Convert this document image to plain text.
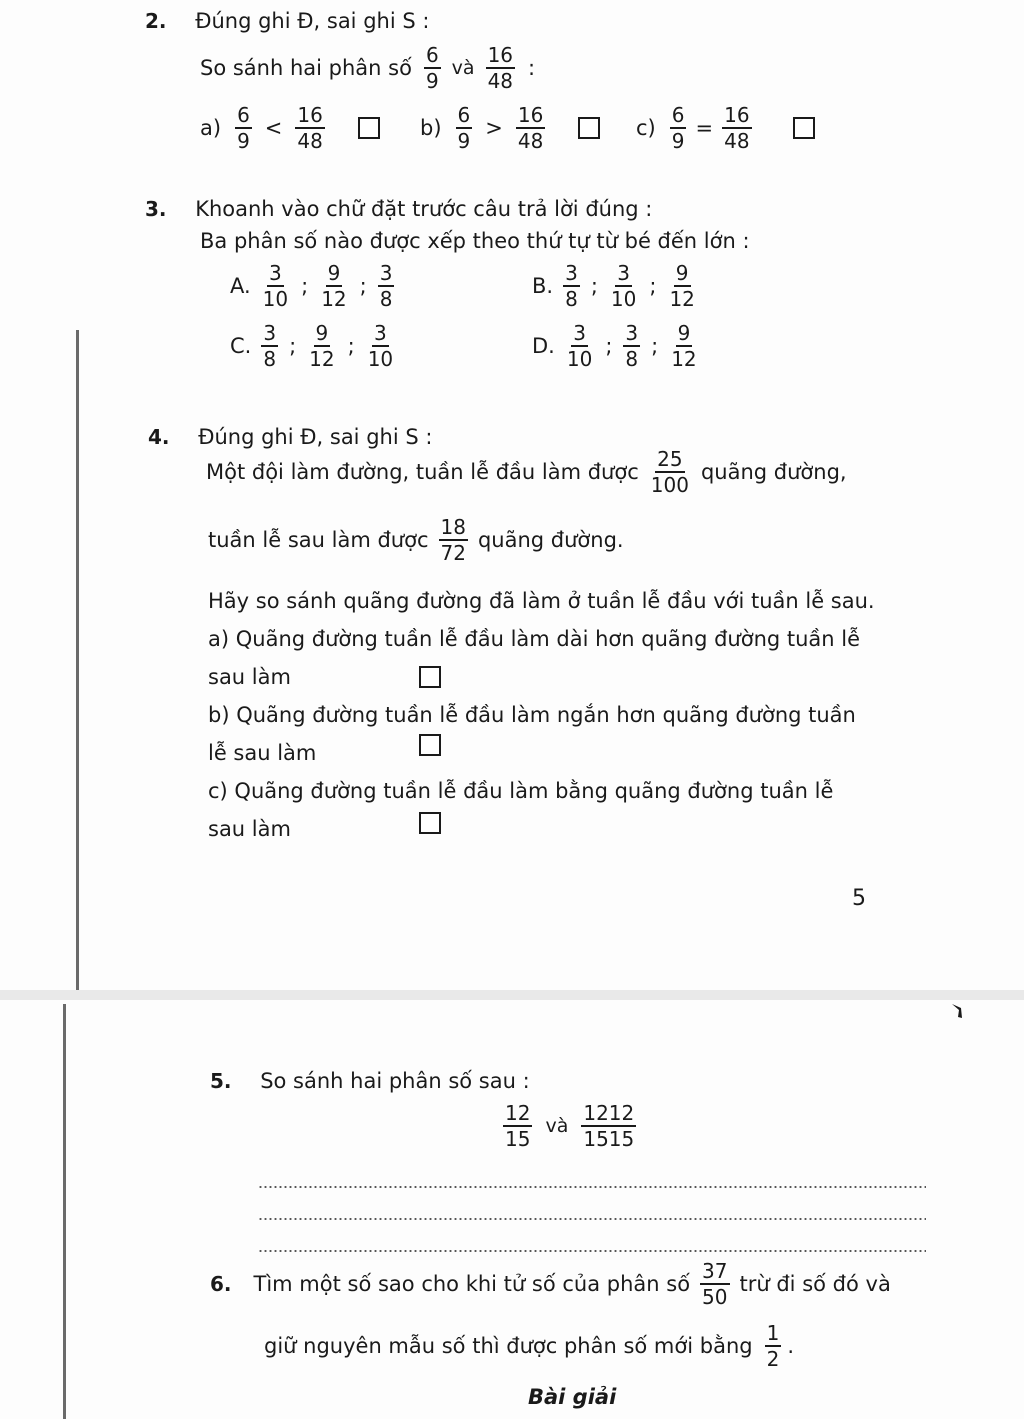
2. Đúng ghi Đ, sai ghi S :
So sánh hai phân số $\frac{6}{9}$ và $\frac{16}{48}$ :
$a) \frac{6}{9} < \frac{16}{48}$	$b) \frac{6}{9} > \frac{16}{48}$	$c) \frac{6}{9} = \frac{16}{48}$
3. Khoanh vào chữ đặt trước câu trả lời đúng :
Ba phân số nào được xếp theo thứ tự từ bé đến lớn :
A. $\frac{3}{10}$ ; $\frac{9}{12}$ ; $\frac{3}{8}$	B. $\frac{3}{8}$ ; $\frac{3}{10}$ ; $\frac{9}{12}$
C. $\frac{3}{8}$ ; $\frac{9}{12}$ ; $\frac{3}{10}$	D. $\frac{3}{10}$ ; $\frac{3}{8}$ ; $\frac{9}{12}$
4. Đúng ghi Đ, sai ghi S :
Một đội làm đường, tuần lễ đầu làm được $\frac{25}{100}$ quãng đường,
tuần lễ sau làm được $\frac{18}{72}$ quãng đường.
Hãy so sánh quãng đường đã làm ở tuần lễ đầu với tuần lễ sau.
a) Quãng đường tuần lễ đầu làm dài hơn quãng đường tuần lễ
sau làm
b) Quãng đường tuần lễ đầu làm ngắn hơn quãng đường tuần
lễ sau làm
c) Quãng đường tuần lễ đầu làm bằng quãng đường tuần lễ
sau làm
5
5. So sánh hai phân số sau :
$\frac{12}{15}$ và $\frac{1212}{1515}$
6. Tìm một số sao cho khi tử số của phân số $\frac{37}{50}$ trừ đi số đó và
giữ nguyên mẫu số thì được phân số mới bằng $\frac{1}{2}$ .
Bài giải
